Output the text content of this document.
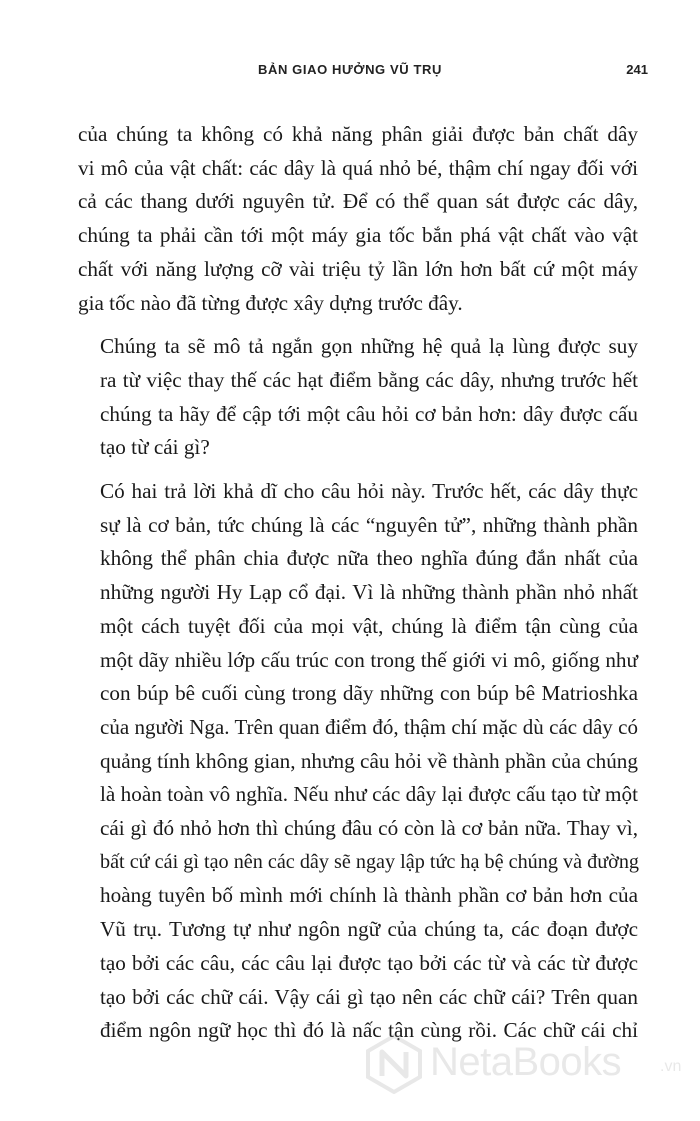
BẢN GIAO HƯỞNG VŨ TRỤ	241
của chúng ta không có khả năng phân giải được bản chất dây
vi mô của vật chất: các dây là quá nhỏ bé, thậm chí ngay đối với
cả các thang dưới nguyên tử. Để có thể quan sát được các dây,
chúng ta phải cần tới một máy gia tốc bắn phá vật chất vào vật
chất với năng lượng cỡ vài triệu tỷ lần lớn hơn bất cứ một máy
gia tốc nào đã từng được xây dựng trước đây.
Chúng ta sẽ mô tả ngắn gọn những hệ quả lạ lùng được suy
ra từ việc thay thế các hạt điểm bằng các dây, nhưng trước hết
chúng ta hãy để cập tới một câu hỏi cơ bản hơn: dây được cấu
tạo từ cái gì?
Có hai trả lời khả dĩ cho câu hỏi này. Trước hết, các dây thực
sự là cơ bản, tức chúng là các “nguyên tử”, những thành phần
không thể phân chia được nữa theo nghĩa đúng đắn nhất của
những người Hy Lạp cổ đại. Vì là những thành phần nhỏ nhất
một cách tuyệt đối của mọi vật, chúng là điểm tận cùng của
một dãy nhiều lớp cấu trúc con trong thế giới vi mô, giống như
con búp bê cuối cùng trong dãy những con búp bê Matrioshka
của người Nga. Trên quan điểm đó, thậm chí mặc dù các dây có
quảng tính không gian, nhưng câu hỏi về thành phần của chúng
là hoàn toàn vô nghĩa. Nếu như các dây lại được cấu tạo từ một
cái gì đó nhỏ hơn thì chúng đâu có còn là cơ bản nữa. Thay vì,
bất cứ cái gì tạo nên các dây sẽ ngay lập tức hạ bệ chúng và đường
hoàng tuyên bố mình mới chính là thành phần cơ bản hơn của
Vũ trụ. Tương tự như ngôn ngữ của chúng ta, các đoạn được
tạo bởi các câu, các câu lại được tạo bởi các từ và các từ được
tạo bởi các chữ cái. Vậy cái gì tạo nên các chữ cái? Trên quan
điểm ngôn ngữ học thì đó là nấc tận cùng rồi. Các chữ cái chỉ
NetaBooks .vn
